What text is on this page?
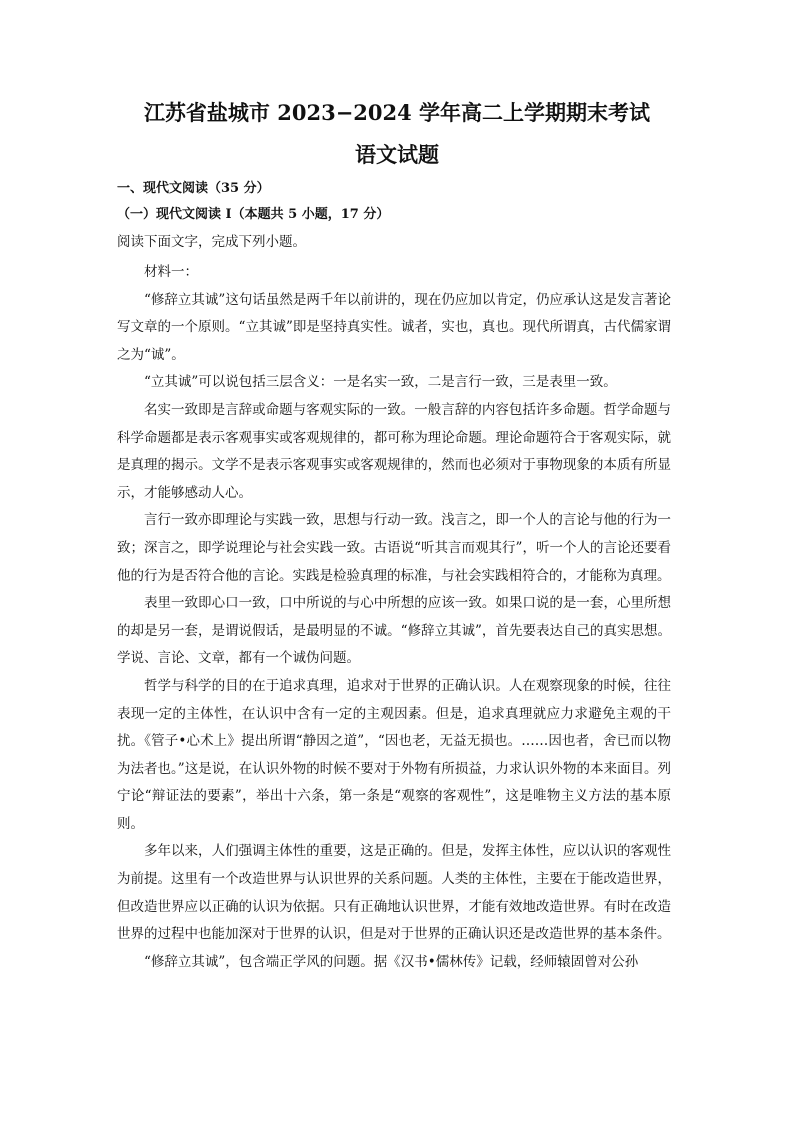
江苏省盐城市 2023−2024 学年高二上学期期末考试
语文试题
一、现代文阅读（35 分）
（一）现代文阅读 I（本题共 5 小题，17 分）
阅读下面文字，完成下列小题。

材料一：

“修辞立其诚”这句话虽然是两千年以前讲的，现在仍应加以肯定，仍应承认这是发言著论写文章的一个原则。“立其诚”即是坚持真实性。诚者，实也，真也。现代所谓真，古代儒家谓之为“诚”。

“立其诚”可以说包括三层含义：一是名实一致，二是言行一致，三是表里一致。

名实一致即是言辞或命题与客观实际的一致。一般言辞的内容包括许多命题。哲学命题与科学命题都是表示客观事实或客观规律的，都可称为理论命题。理论命题符合于客观实际，就是真理的揭示。文学不是表示客观事实或客观规律的，然而也必须对于事物现象的本质有所显示，才能够感动人心。

言行一致亦即理论与实践一致，思想与行动一致。浅言之，即一个人的言论与他的行为一致；深言之，即学说理论与社会实践一致。古语说“听其言而观其行”，听一个人的言论还要看他的行为是否符合他的言论。实践是检验真理的标准，与社会实践相符合的，才能称为真理。

表里一致即心口一致，口中所说的与心中所想的应该一致。如果口说的是一套，心里所想的却是另一套，是谓说假话，是最明显的不诚。“修辞立其诚”，首先要表达自己的真实思想。学说、言论、文章，都有一个诚伪问题。

哲学与科学的目的在于追求真理，追求对于世界的正确认识。人在观察现象的时候，往往表现一定的主体性，在认识中含有一定的主观因素。但是，追求真理就应力求避免主观的干扰。《管子•心术上》提出所谓“静因之道”，“因也老，无益无损也。……因也者，舍已而以物为法者也。”这是说，在认识外物的时候不要对于外物有所损益，力求认识外物的本来面目。列宁论“辩证法的要素”，举出十六条，第一条是“观察的客观性”，这是唯物主义方法的基本原则。

多年以来，人们强调主体性的重要，这是正确的。但是，发挥主体性，应以认识的客观性为前提。这里有一个改造世界与认识世界的关系问题。人类的主体性，主要在于能改造世界，但改造世界应以正确的认识为依据。只有正确地认识世界，才能有效地改造世界。有时在改造世界的过程中也能加深对于世界的认识，但是对于世界的正确认识还是改造世界的基本条件。

“修辞立其诚”，包含端正学风的问题。据《汉书•儒林传》记载，经师辕固曾对公孙
